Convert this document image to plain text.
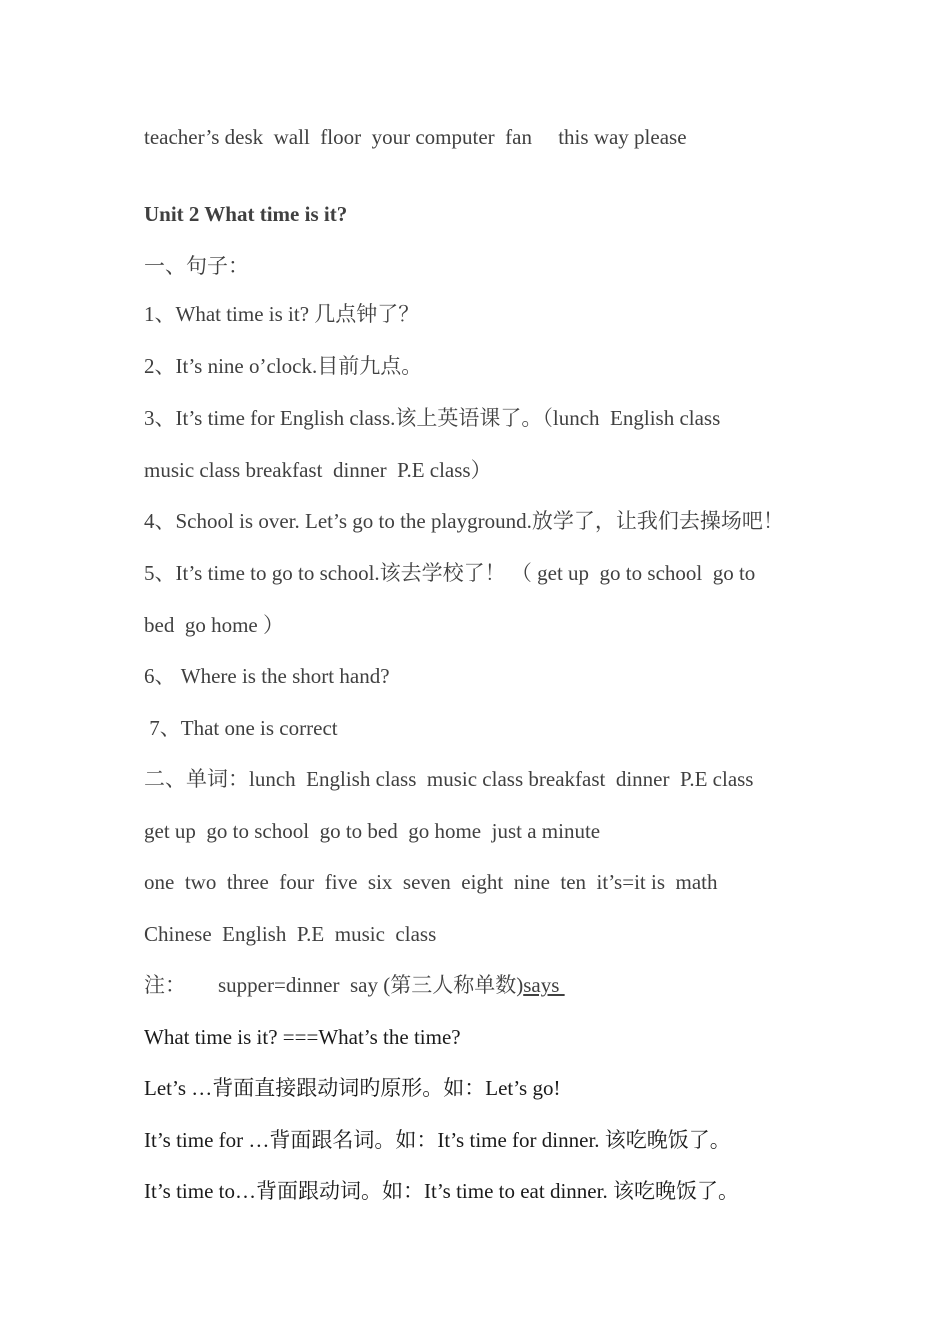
teacher’s desk  wall  floor  your computer  fan     this way please
Unit 2 What time is it?
一、句子：
1、What time is it? 几点钟了？
2、It’s nine o’clock.目前九点。
3、It’s time for English class.该上英语课了。（lunch  English class
music class breakfast  dinner  P.E class）
4、School is over. Let’s go to the playground.放学了，让我们去操场吧！
5、It’s time to go to school.该去学校了！ （ get up  go to school  go to
bed  go home ）
6、 Where is the short hand?
7、That one is correct
二、单词：lunch  English class  music class breakfast  dinner  P.E class
get up  go to school  go to bed  go home  just a minute
one  two  three  four  five  six  seven  eight  nine  ten  it’s=it is  math
Chinese  English  P.E  music  class
注： supper=dinner  say (第三人称单数)says
What time is it? ===What’s the time?
Let’s …背面直接跟动词旳原形。如：Let’s go!
It’s time for …背面跟名词。如：It’s time for dinner. 该吃晚饭了。
It’s time to…背面跟动词。如：It’s time to eat dinner. 该吃晚饭了。
